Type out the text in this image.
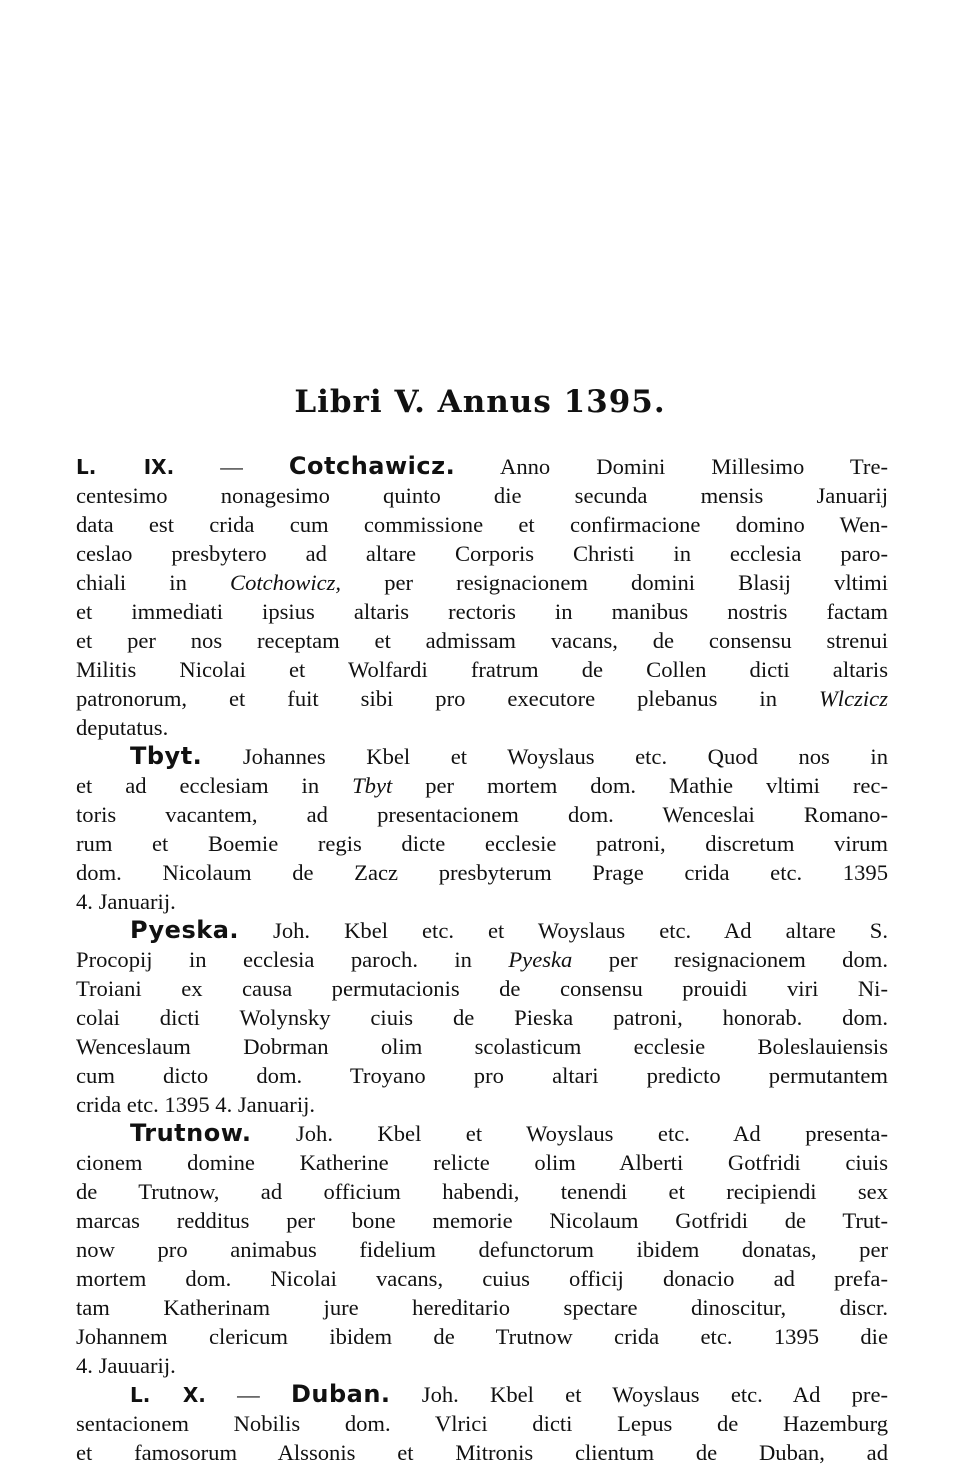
Libri V. Annus 1395.
L. IX. — Cotchawicz. Anno Domini Millesimo Tre-
centesimo nonagesimo quinto die secunda mensis Januarij
data est crida cum commissione et confirmacione domino Wen-
ceslao presbytero ad altare Corporis Christi in ecclesia paro-
chiali in Cotchowicz, per resignacionem domini Blasij vltimi
et immediati ipsius altaris rectoris in manibus nostris factam
et per nos receptam et admissam vacans, de consensu strenui
Militis Nicolai et Wolfardi fratrum de Collen dicti altaris
patronorum, et fuit sibi pro executore plebanus in Wlczicz
deputatus.
Tbyt. Johannes Kbel et Woyslaus etc. Quod nos in
et ad ecclesiam in Tbyt per mortem dom. Mathie vltimi rec-
toris vacantem, ad presentacionem dom. Wenceslai Romano-
rum et Boemie regis dicte ecclesie patroni, discretum virum
dom. Nicolaum de Zacz presbyterum Prage crida etc. 1395
4. Januarij.
Pyeska. Joh. Kbel etc. et Woyslaus etc. Ad altare S.
Procopij in ecclesia paroch. in Pyeska per resignacionem dom.
Troiani ex causa permutacionis de consensu prouidi viri Ni-
colai dicti Wolynsky ciuis de Pieska patroni, honorab. dom.
Wenceslaum Dobrman olim scolasticum ecclesie Boleslauiensis
cum dicto dom. Troyano pro altari predicto permutantem
crida etc. 1395 4. Januarij.
Trutnow. Joh. Kbel et Woyslaus etc. Ad presenta-
cionem domine Katherine relicte olim Alberti Gotfridi ciuis
de Trutnow, ad officium habendi, tenendi et recipiendi sex
marcas redditus per bone memorie Nicolaum Gotfridi de Trut-
now pro animabus fidelium defunctorum ibidem donatas, per
mortem dom. Nicolai vacans, cuius officij donacio ad prefa-
tam Katherinam jure hereditario spectare dinoscitur, discr.
Johannem clericum ibidem de Trutnow crida etc. 1395 die
4. Jauuarij.
L. X. — Duban. Joh. Kbel et Woyslaus etc. Ad pre-
sentacionem Nobilis dom. Vlrici dicti Lepus de Hazemburg
et famosorum Alssonis et Mitronis clientum de Duban, ad
